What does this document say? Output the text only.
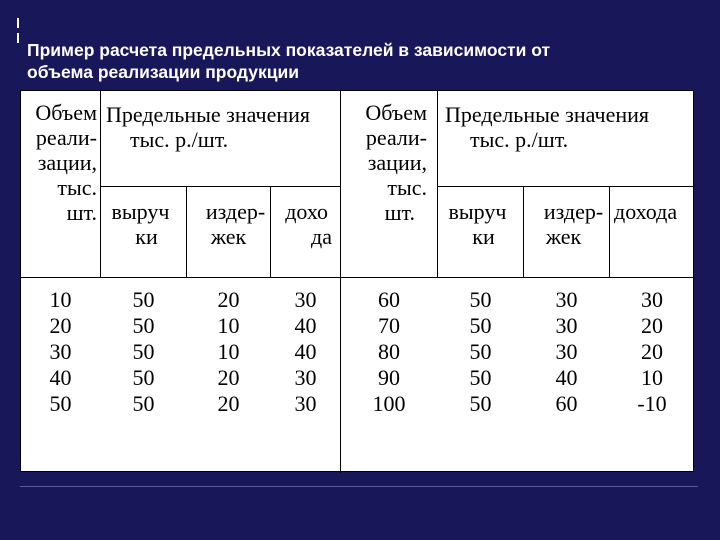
Пример расчета предельных показателей в зависимости от
объема реализации продукции
Объем
реали-
зации,
тыс.
шт.
Предельные значения
тыс. р./шт.
выруч
ки
издер-
жек
дохо
да
Объем
реали-
зации,
тыс.
шт.
Предельные значения
тыс. р./шт.
выруч
ки
издер-
жек
дохода
10
20
30
40
50
50
50
50
50
50
20
10
10
20
20
30
40
40
30
30
60
70
80
90
100
50
50
50
50
50
30
30
30
40
60
30
20
20
10
-10
